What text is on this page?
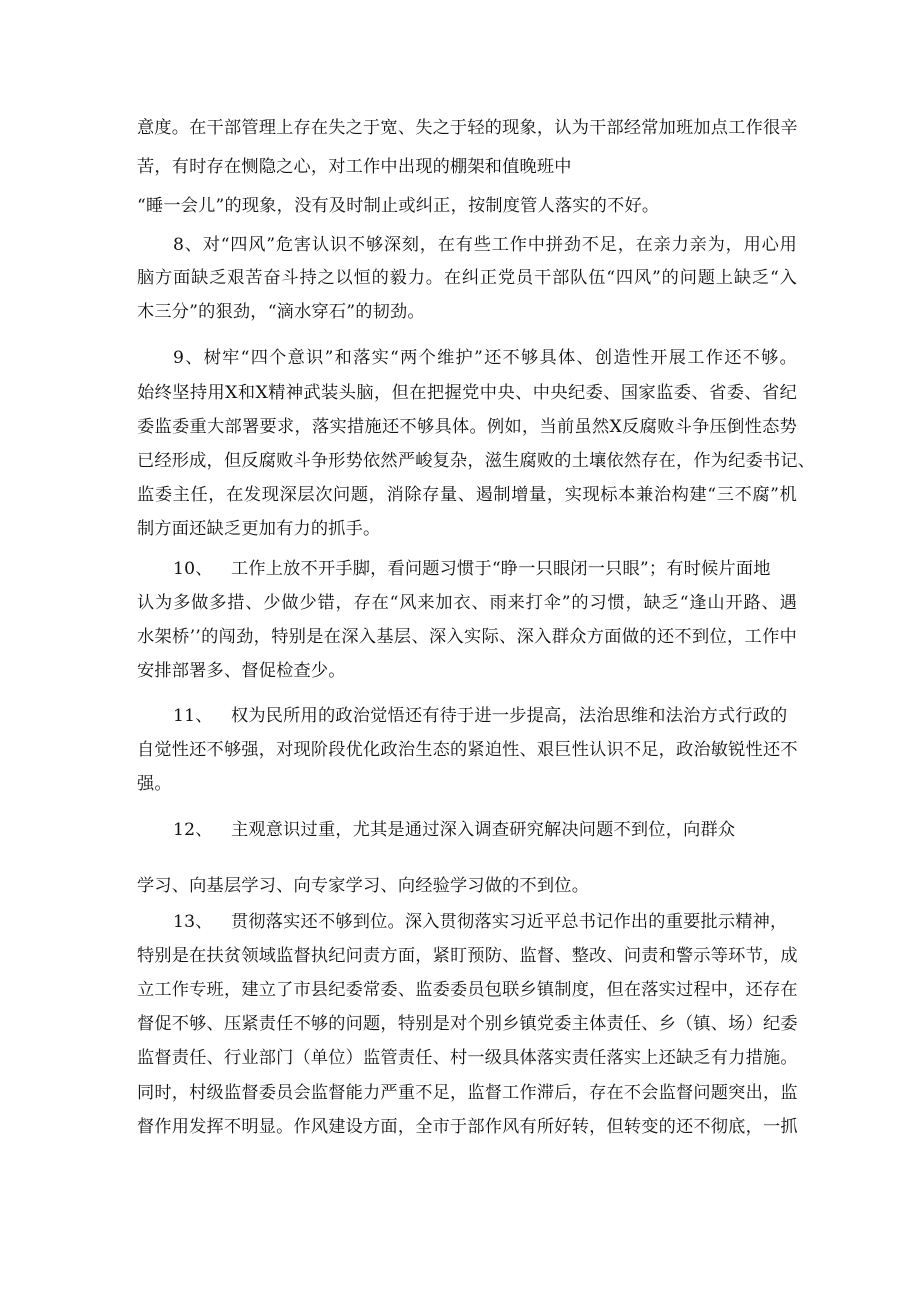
意度。在干部管理上存在失之于宽、失之于轻的现象，认为干部经常加班加点工作很辛
苦，有时存在恻隐之心，对工作中出现的棚架和值晚班中
“睡一会儿”的现象，没有及时制止或纠正，按制度管人落实的不好。
8、对“四风”危害认识不够深刻，在有些工作中拼劲不足，在亲力亲为，用心用
脑方面缺乏艰苦奋斗持之以恒的毅力。在纠正党员干部队伍“四风”的问题上缺乏“入
木三分”的狠劲，“滴水穿石”的韧劲。
9、树牢“四个意识”和落实“两个维护”还不够具体、创造性开展工作还不够。
始终坚持用X和X精神武装头脑，但在把握党中央、中央纪委、国家监委、省委、省纪
委监委重大部署要求，落实措施还不够具体。例如，当前虽然X反腐败斗争压倒性态势
已经形成，但反腐败斗争形势依然严峻复杂，滋生腐败的土壤依然存在，作为纪委书记、
监委主任，在发现深层次问题，消除存量、遏制增量，实现标本兼治构建“三不腐”机
制方面还缺乏更加有力的抓手。
10、 工作上放不开手脚，看问题习惯于“睁一只眼闭一只眼”；有时候片面地
认为多做多措、少做少错，存在“风来加衣、雨来打伞”的习惯，缺乏“逢山开路、遇
水架桥’’的闯劲，特别是在深入基层、深入实际、深入群众方面做的还不到位，工作中
安排部署多、督促检查少。
11、 权为民所用的政治觉悟还有待于进一步提高，法治思维和法治方式行政的
自觉性还不够强，对现阶段优化政治生态的紧迫性、艰巨性认识不足，政治敏锐性还不
强。
12、 主观意识过重，尤其是通过深入调查研究解决问题不到位，向群众
学习、向基层学习、向专家学习、向经验学习做的不到位。
13、 贯彻落实还不够到位。深入贯彻落实习近平总书记作出的重要批示精神，
特别是在扶贫领域监督执纪问责方面，紧盯预防、监督、整改、问责和警示等环节，成
立工作专班，建立了市县纪委常委、监委委员包联乡镇制度，但在落实过程中，还存在
督促不够、压紧责任不够的问题，特别是对个别乡镇党委主体责任、乡（镇、场）纪委
监督责任、行业部门（单位）监管责任、村一级具体落实责任落实上还缺乏有力措施。
同时，村级监督委员会监督能力严重不足，监督工作滞后，存在不会监督问题突出，监
督作用发挥不明显。作风建设方面，全市于部作风有所好转，但转变的还不彻底，一抓
